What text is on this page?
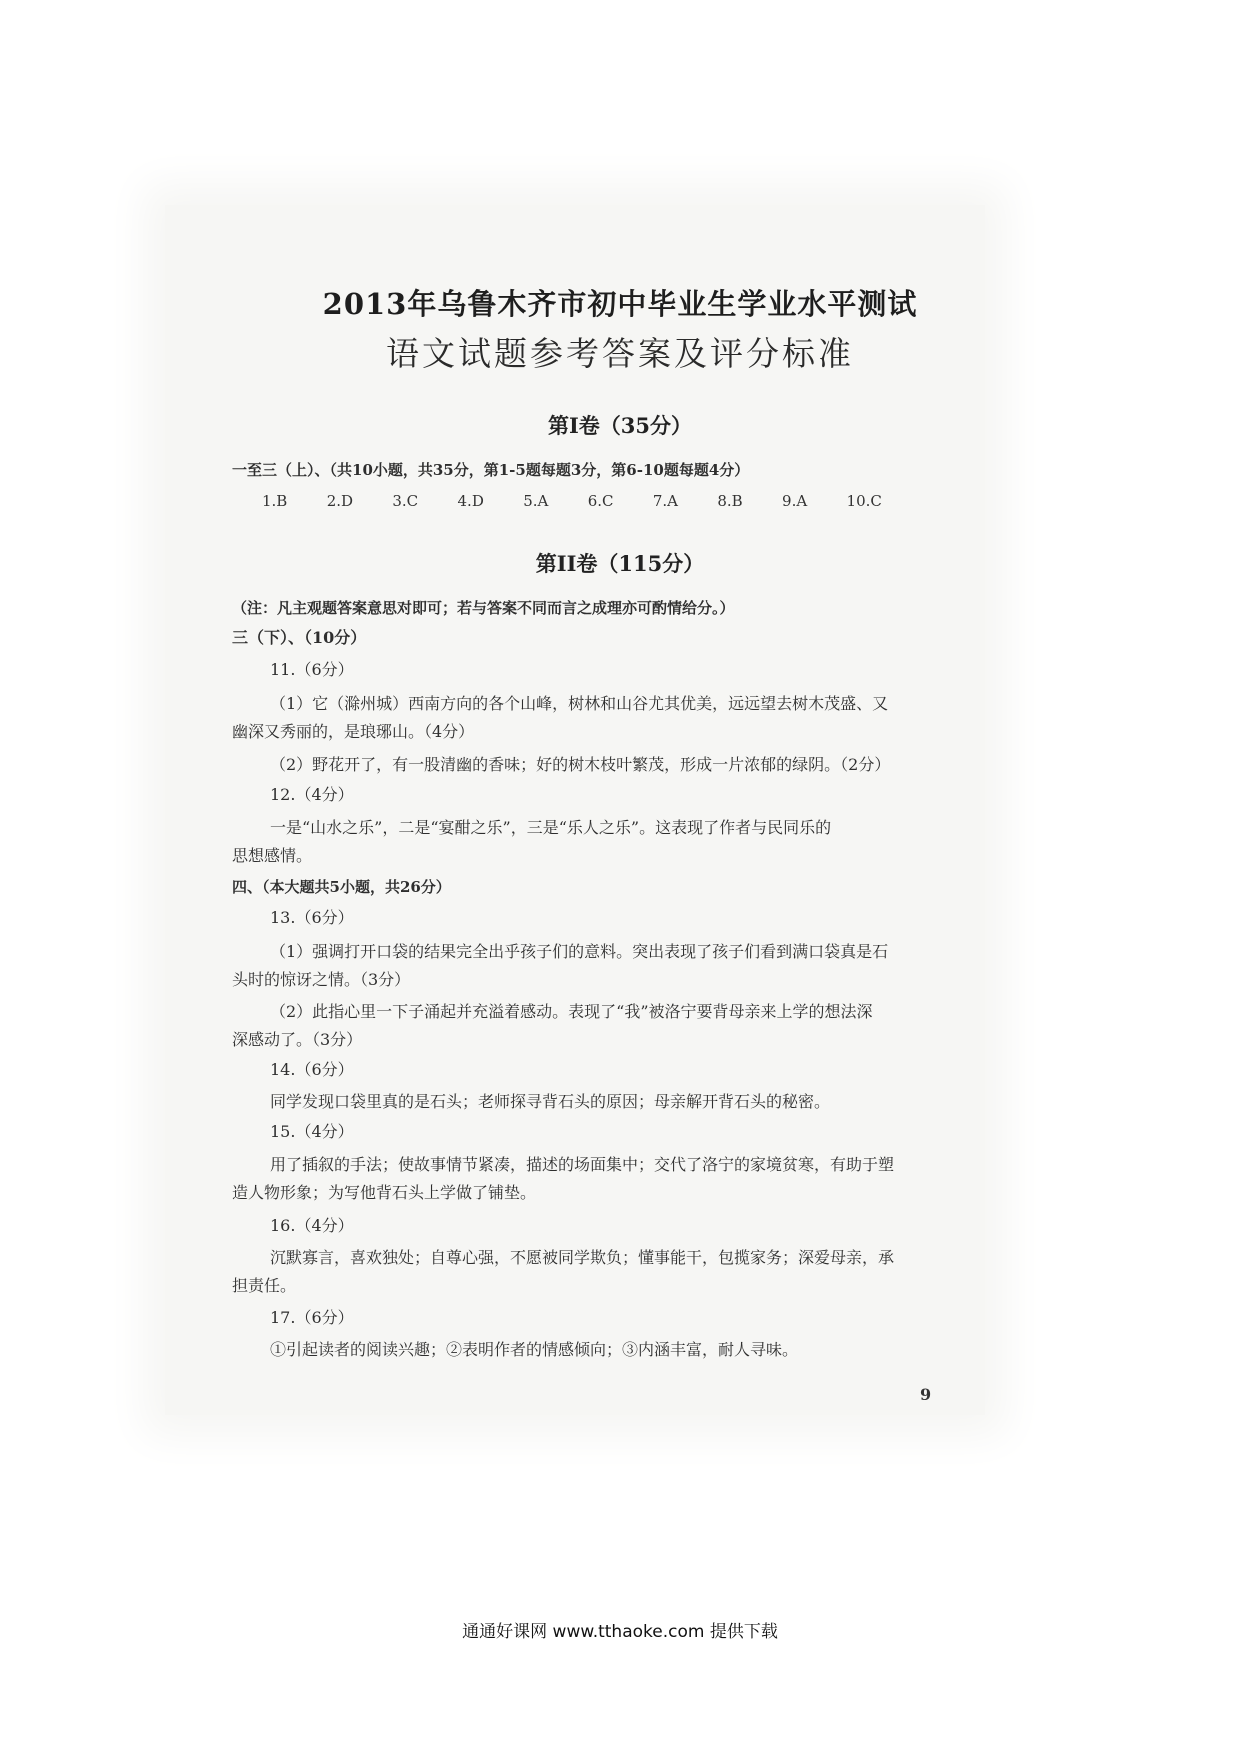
2013年乌鲁木齐市初中毕业生学业水平测试
语文试题参考答案及评分标准
第I卷（35分）
一至三（上）、（共10小题，共35分，第1-5题每题3分，第6-10题每题4分）
1.B	2.D	3.C	4.D	5.A	6.C	7.A	8.B	9.A	10.C
第II卷（115分）
（注：凡主观题答案意思对即可；若与答案不同而言之成理亦可酌情给分。）
三（下）、（10分）
11.（6分）
（1）它（滁州城）西南方向的各个山峰，树林和山谷尤其优美，远远望去树木茂盛、又
幽深又秀丽的，是琅琊山。（4分）
（2）野花开了，有一股清幽的香味；好的树木枝叶繁茂，形成一片浓郁的绿阴。（2分）
12.（4分）
一是“山水之乐”，二是“宴酣之乐”，三是“乐人之乐”。这表现了作者与民同乐的
思想感情。
四、（本大题共5小题，共26分）
13.（6分）
（1）强调打开口袋的结果完全出乎孩子们的意料。突出表现了孩子们看到满口袋真是石
头时的惊讶之情。（3分）
（2）此指心里一下子涌起并充溢着感动。表现了“我”被洛宁要背母亲来上学的想法深
深感动了。（3分）
14.（6分）
同学发现口袋里真的是石头；老师探寻背石头的原因；母亲解开背石头的秘密。
15.（4分）
用了插叙的手法；使故事情节紧凑，描述的场面集中；交代了洛宁的家境贫寒，有助于塑
造人物形象；为写他背石头上学做了铺垫。
16.（4分）
沉默寡言，喜欢独处；自尊心强，不愿被同学欺负；懂事能干，包揽家务；深爱母亲，承
担责任。
17.（6分）
①引起读者的阅读兴趣；②表明作者的情感倾向；③内涵丰富，耐人寻味。
9
通通好课网 www.tthaoke.com 提供下载
